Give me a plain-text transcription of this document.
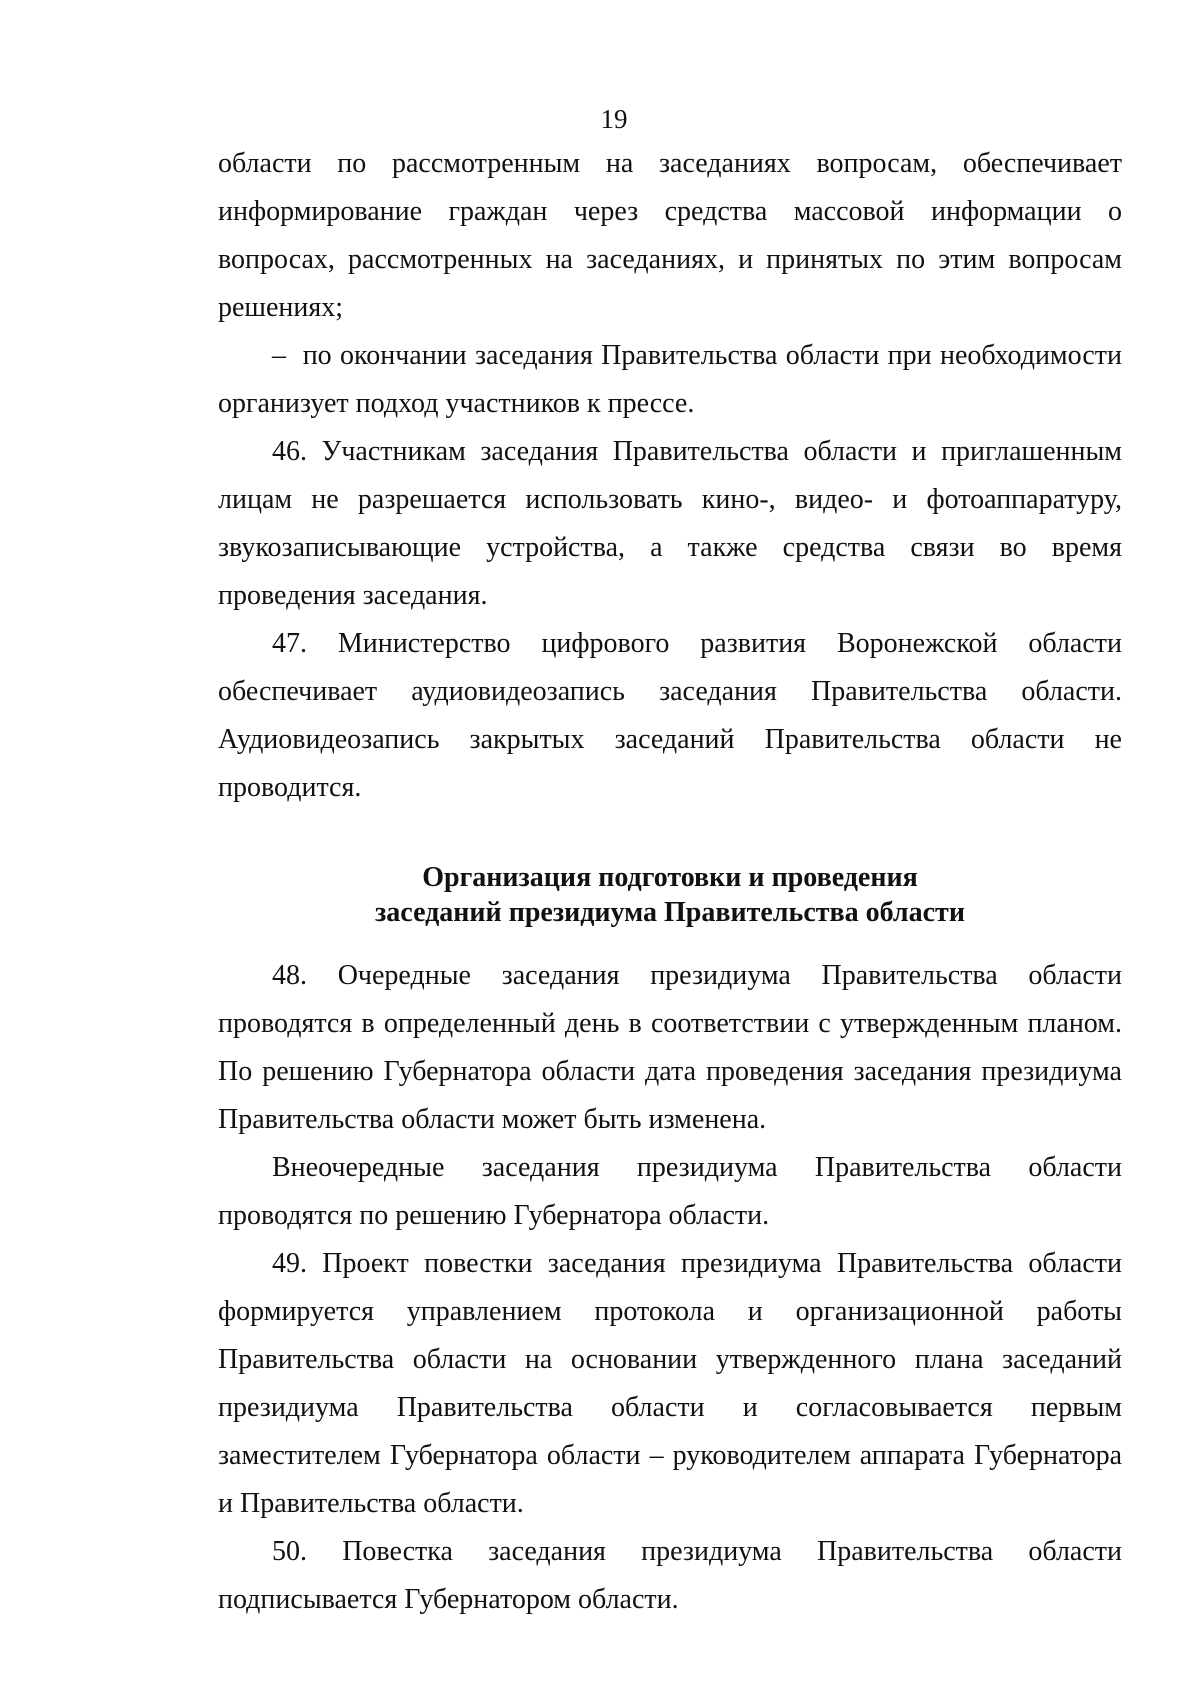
19

области по рассмотренным на заседаниях вопросам, обеспечивает информирование граждан через средства массовой информации о вопросах, рассмотренных на заседаниях, и принятых по этим вопросам решениях;

–  по окончании заседания Правительства области при необходимости организует подход участников к прессе.

46. Участникам заседания Правительства области и приглашенным лицам не разрешается использовать кино-, видео- и фотоаппаратуру, звукозаписывающие устройства, а также средства связи во время проведения заседания.

47. Министерство цифрового развития Воронежской области обеспечивает аудиовидеозапись заседания Правительства области. Аудиовидеозапись закрытых заседаний Правительства области не проводится.

Организация подготовки и проведения
заседаний президиума Правительства области

48. Очередные заседания президиума Правительства области проводятся в определенный день в соответствии с утвержденным планом. По решению Губернатора области дата проведения заседания президиума Правительства области может быть изменена.

Внеочередные заседания президиума Правительства области проводятся по решению Губернатора области.

49. Проект повестки заседания президиума Правительства области формируется управлением протокола и организационной работы Правительства области на основании утвержденного плана заседаний президиума Правительства области и согласовывается первым заместителем Губернатора области – руководителем аппарата Губернатора и Правительства области.

50. Повестка заседания президиума Правительства области подписывается Губернатором области.
